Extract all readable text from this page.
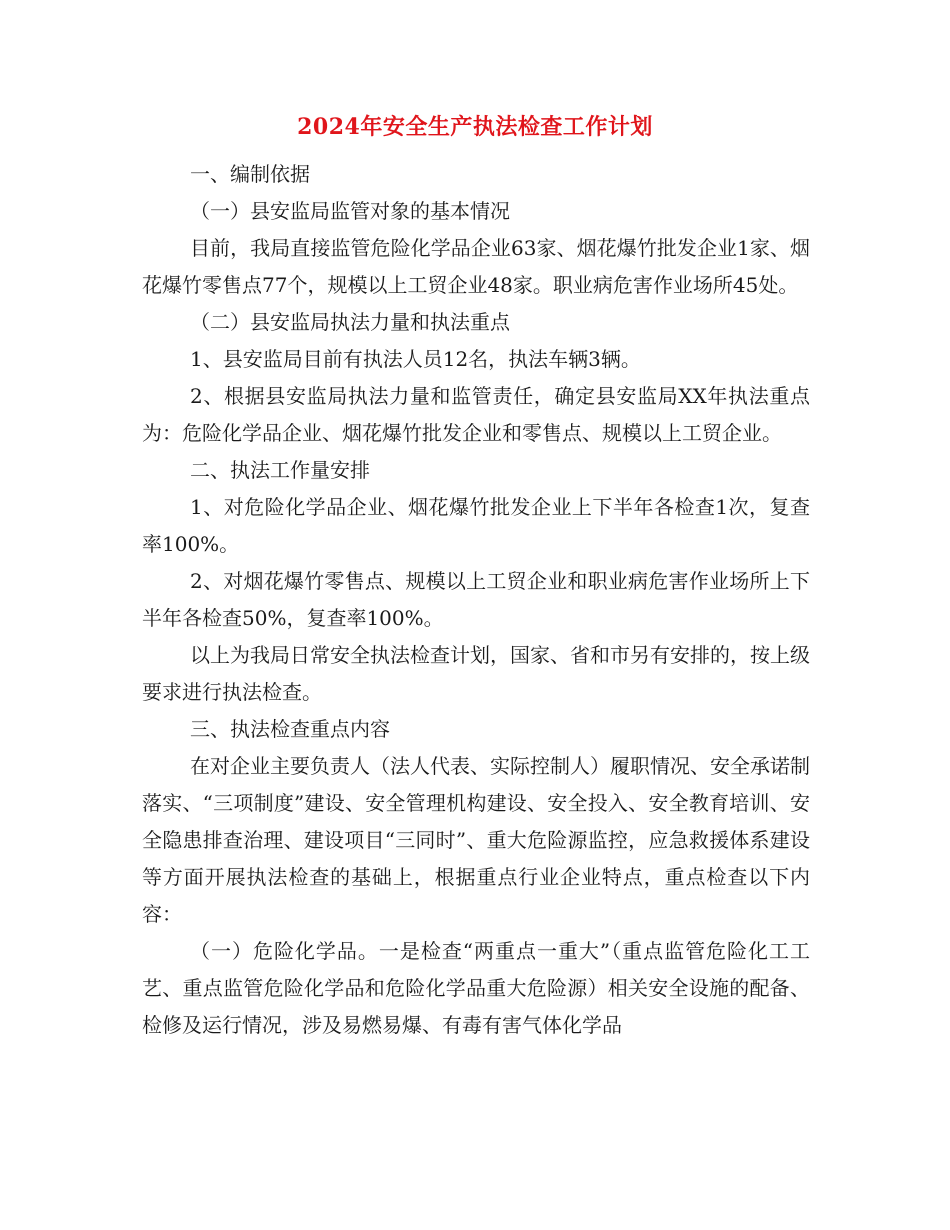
2024年安全生产执法检查工作计划

一、编制依据

（一）县安监局监管对象的基本情况

目前，我局直接监管危险化学品企业63家、烟花爆竹批发企业1家、烟花爆竹零售点77个，规模以上工贸企业48家。职业病危害作业场所45处。

（二）县安监局执法力量和执法重点

1、县安监局目前有执法人员12名，执法车辆3辆。

2、根据县安监局执法力量和监管责任，确定县安监局XX年执法重点为：危险化学品企业、烟花爆竹批发企业和零售点、规模以上工贸企业。

二、执法工作量安排

1、对危险化学品企业、烟花爆竹批发企业上下半年各检查1次，复查率100%。

2、对烟花爆竹零售点、规模以上工贸企业和职业病危害作业场所上下半年各检查50%，复查率100%。

以上为我局日常安全执法检查计划，国家、省和市另有安排的，按上级要求进行执法检查。

三、执法检查重点内容

在对企业主要负责人（法人代表、实际控制人）履职情况、安全承诺制落实、“三项制度”建设、安全管理机构建设、安全投入、安全教育培训、安全隐患排查治理、建设项目“三同时”、重大危险源监控，应急救援体系建设等方面开展执法检查的基础上，根据重点行业企业特点，重点检查以下内容：

（一）危险化学品。一是检查“两重点一重大”（重点监管危险化工工艺、重点监管危险化学品和危险化学品重大危险源）相关安全设施的配备、检修及运行情况，涉及易燃易爆、有毒有害气体化学品
